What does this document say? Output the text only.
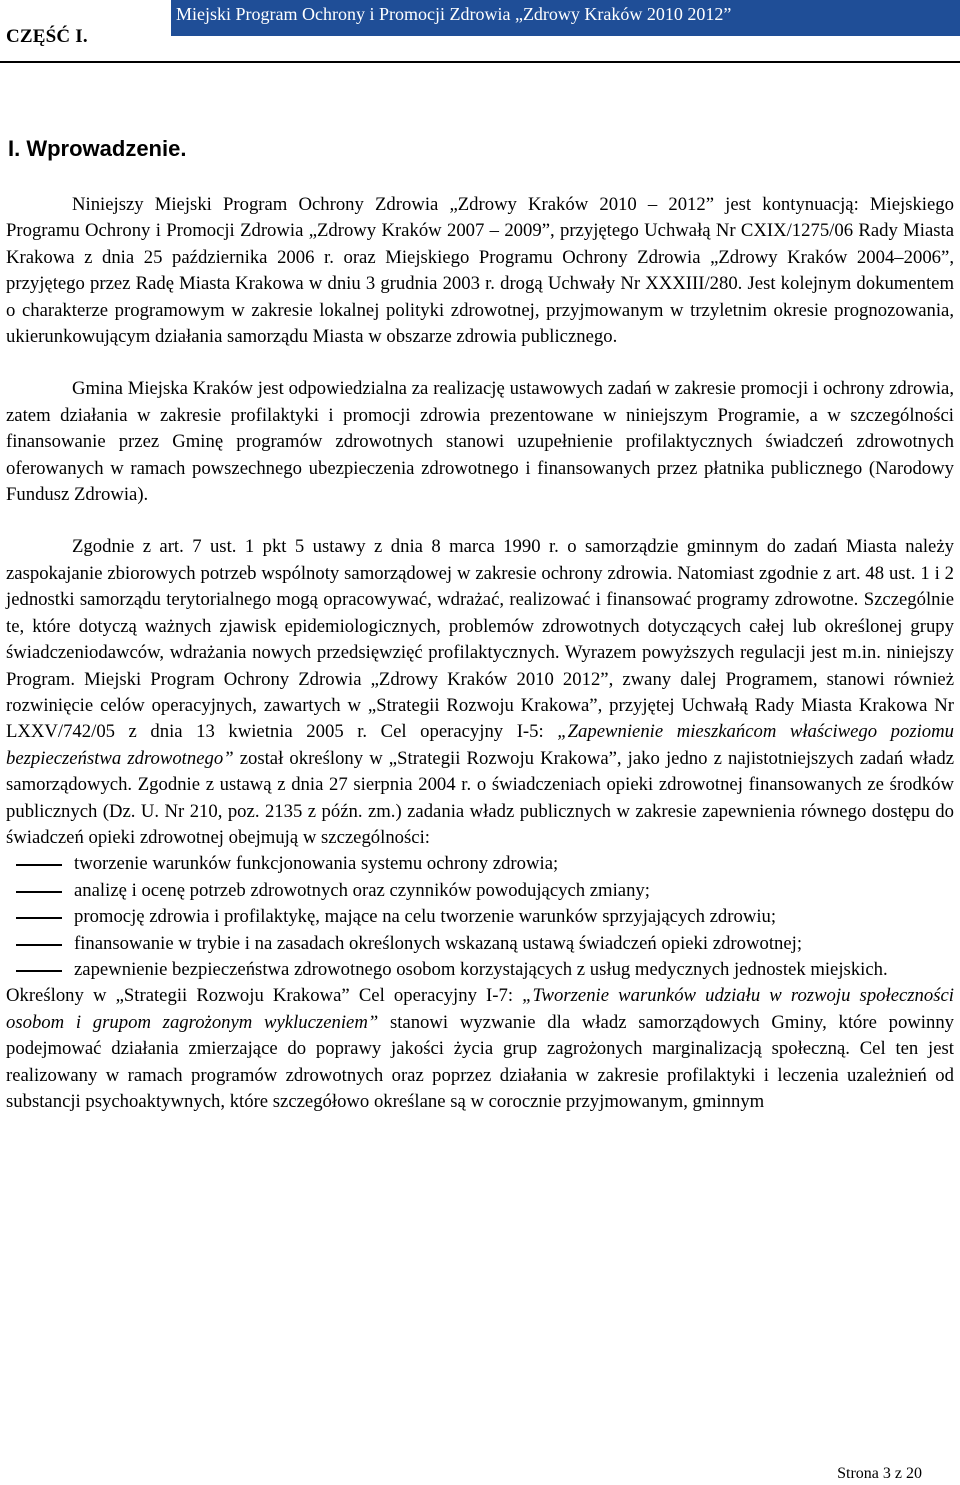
CZĘŚĆ I.
Miejski Program Ochrony i Promocji Zdrowia „Zdrowy Kraków 2010 2012”
I. Wprowadzenie.

Niniejszy Miejski Program Ochrony Zdrowia „Zdrowy Kraków 2010 – 2012” jest kontynuacją: Miejskiego Programu Ochrony i Promocji Zdrowia „Zdrowy Kraków 2007 – 2009”, przyjętego Uchwałą Nr CXIX/1275/06 Rady Miasta Krakowa z dnia 25 października 2006 r. oraz Miejskiego Programu Ochrony Zdrowia „Zdrowy Kraków 2004–2006”, przyjętego przez Radę Miasta Krakowa w dniu 3 grudnia 2003 r. drogą Uchwały Nr XXXIII/280. Jest kolejnym dokumentem o charakterze programowym w zakresie lokalnej polityki zdrowotnej, przyjmowanym w trzyletnim okresie prognozowania, ukierunkowującym działania samorządu Miasta w obszarze zdrowia publicznego.

Gmina Miejska Kraków jest odpowiedzialna za realizację ustawowych zadań w zakresie promocji i ochrony zdrowia, zatem działania w zakresie profilaktyki i promocji zdrowia prezentowane w niniejszym Programie, a w szczególności finansowanie przez Gminę programów zdrowotnych stanowi uzupełnienie profilaktycznych świadczeń zdrowotnych oferowanych w ramach powszechnego ubezpieczenia zdrowotnego i finansowanych przez płatnika publicznego (Narodowy Fundusz Zdrowia).

Zgodnie z art. 7 ust. 1 pkt 5 ustawy z dnia 8 marca 1990 r. o samorządzie gminnym do zadań Miasta należy zaspokajanie zbiorowych potrzeb wspólnoty samorządowej w zakresie ochrony zdrowia. Natomiast zgodnie z art. 48 ust. 1 i 2 jednostki samorządu terytorialnego mogą opracowywać, wdrażać, realizować i finansować programy zdrowotne. Szczególnie te, które dotyczą ważnych zjawisk epidemiologicznych, problemów zdrowotnych dotyczących całej lub określonej grupy świadczeniodawców, wdrażania nowych przedsięwzięć profilaktycznych. Wyrazem powyższych regulacji jest m.in. niniejszy Program. Miejski Program Ochrony Zdrowia „Zdrowy Kraków 2010 2012”, zwany dalej Programem, stanowi również rozwinięcie celów operacyjnych, zawartych w „Strategii Rozwoju Krakowa”, przyjętej Uchwałą Rady Miasta Krakowa Nr LXXV/742/05 z dnia 13 kwietnia 2005 r. Cel operacyjny I-5: „Zapewnienie mieszkańcom właściwego poziomu bezpieczeństwa zdrowotnego” został określony w „Strategii Rozwoju Krakowa”, jako jedno z najistotniejszych zadań władz samorządowych. Zgodnie z ustawą z dnia 27 sierpnia 2004 r. o świadczeniach opieki zdrowotnej finansowanych ze środków publicznych (Dz. U. Nr 210, poz. 2135 z późn. zm.) zadania władz publicznych w zakresie zapewnienia równego dostępu do świadczeń opieki zdrowotnej obejmują w szczególności:

tworzenie warunków funkcjonowania systemu ochrony zdrowia;
analizę i ocenę potrzeb zdrowotnych oraz czynników powodujących zmiany;
promocję zdrowia i profilaktykę, mające na celu tworzenie warunków sprzyjających zdrowiu;
finansowanie w trybie i na zasadach określonych wskazaną ustawą świadczeń opieki zdrowotnej;
zapewnienie bezpieczeństwa zdrowotnego osobom korzystających z usług medycznych jednostek miejskich.

Określony w „Strategii Rozwoju Krakowa” Cel operacyjny I-7: „Tworzenie warunków udziału w rozwoju społeczności osobom i grupom zagrożonym wykluczeniem” stanowi wyzwanie dla władz samorządowych Gminy, które powinny podejmować działania zmierzające do poprawy jakości życia grup zagrożonych marginalizacją społeczną. Cel ten jest realizowany w ramach programów zdrowotnych oraz poprzez działania w zakresie profilaktyki i leczenia uzależnień od substancji psychoaktywnych, które szczegółowo określane są w corocznie przyjmowanym, gminnym

Strona 3 z 20
